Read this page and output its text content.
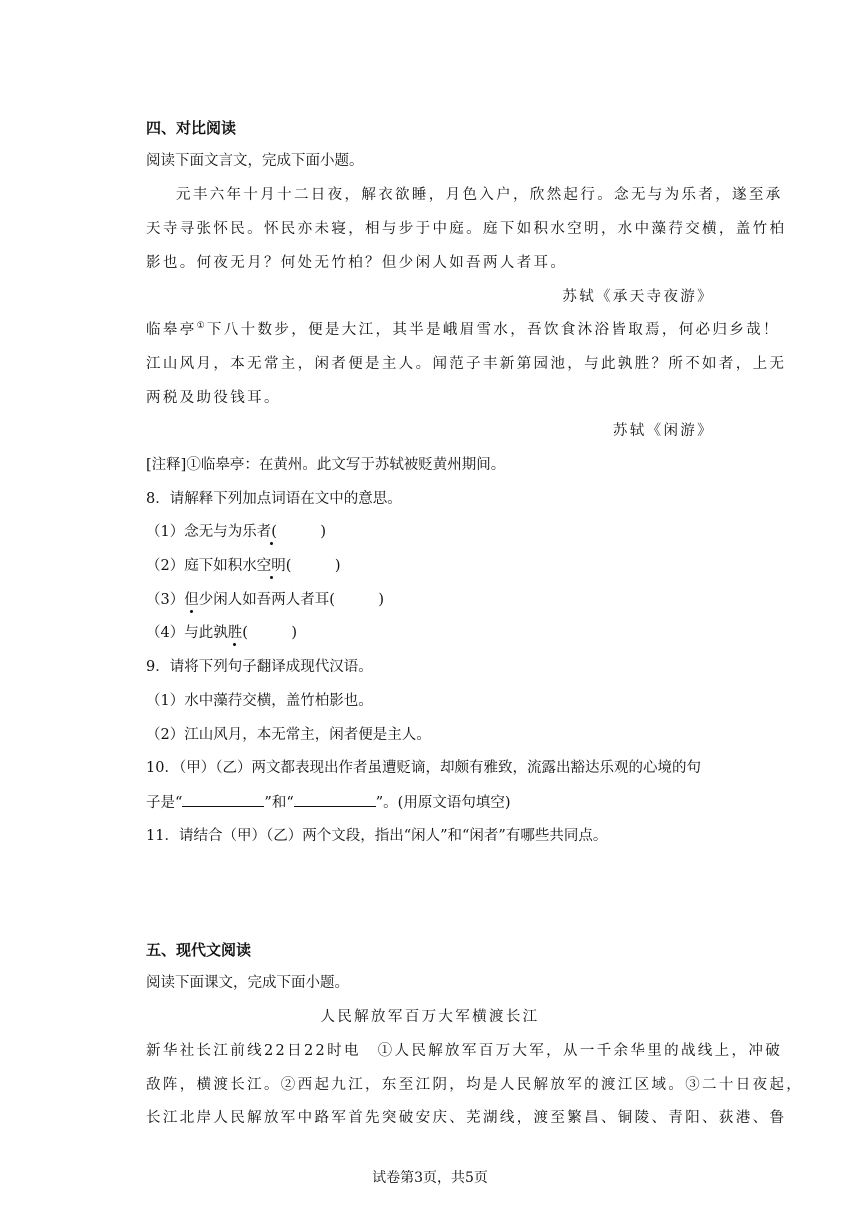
四、对比阅读
阅读下面文言文，完成下面小题。
元丰六年十月十二日夜，解衣欲睡，月色入户，欣然起行。念无与为乐者，遂至承
天寺寻张怀民。怀民亦未寝，相与步于中庭。庭下如积水空明，水中藻荇交横，盖竹柏
影也。何夜无月？何处无竹柏？但少闲人如吾两人者耳。
苏轼《承天寺夜游》
临皋亭①下八十数步，便是大江，其半是峨眉雪水，吾饮食沐浴皆取焉，何必归乡哉！
江山风月，本无常主，闲者便是主人。闻范子丰新第园池，与此孰胜？所不如者，上无
两税及助役钱耳。
苏轼《闲游》
[注释]①临皋亭：在黄州。此文写于苏轼被贬黄州期间。
8．请解释下列加点词语在文中的意思。
（1）念无与为乐者(　　　)
（2）庭下如积水空明(　　　)
（3）但少闲人如吾两人者耳(　　　)
（4）与此孰胜(　　　)
9．请将下列句子翻译成现代汉语。
（1）水中藻荇交横，盖竹柏影也。
（2）江山风月，本无常主，闲者便是主人。
10．（甲）（乙）两文都表现出作者虽遭贬谪，却颇有雅致，流露出豁达乐观的心境的句
子是“	”和“	”。(用原文语句填空)
11．请结合（甲）（乙）两个文段，指出“闲人”和“闲者”有哪些共同点。
五、现代文阅读
阅读下面课文，完成下面小题。
人民解放军百万大军横渡长江
新华社长江前线22日22时电　①人民解放军百万大军，从一千余华里的战线上，冲破
敌阵，横渡长江。②西起九江，东至江阴，均是人民解放军的渡江区域。③二十日夜起，
长江北岸人民解放军中路军首先突破安庆、芜湖线，渡至繁昌、铜陵、青阳、荻港、鲁
试卷第3页，共5页
